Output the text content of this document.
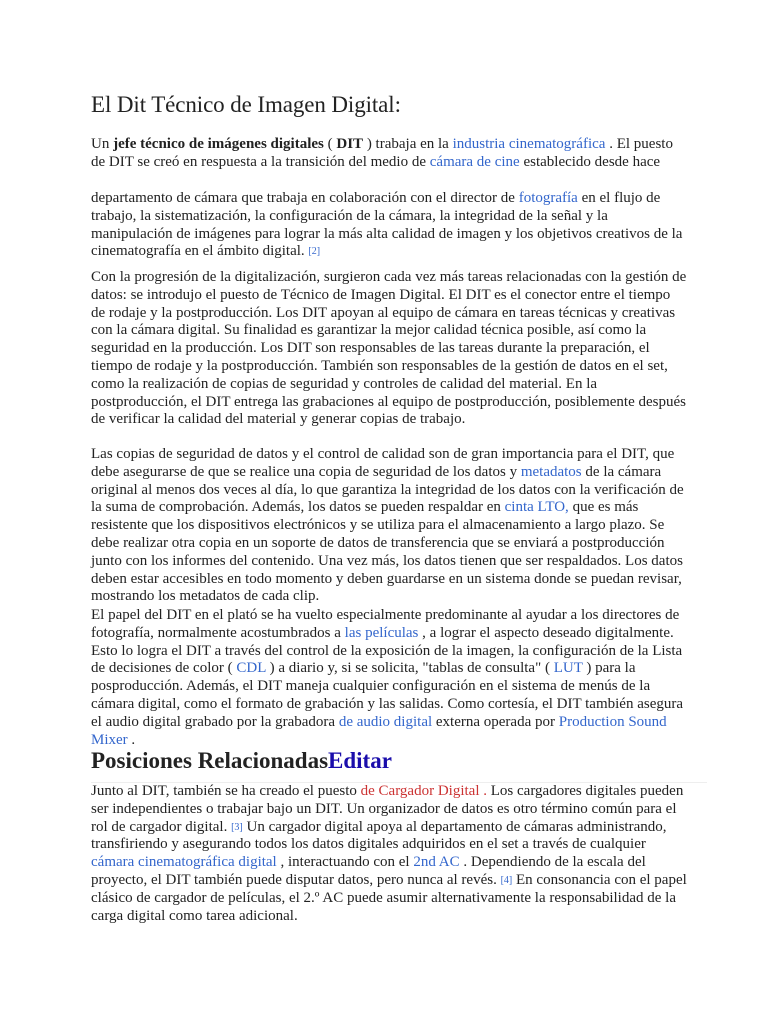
El Dit Técnico de Imagen Digital:

Un jefe técnico de imágenes digitales ( DIT ) trabaja en la industria cinematográfica . El puesto
de DIT se creó en respuesta a la transición del medio de cámara de cine establecido desde hace

departamento de cámara que trabaja en colaboración con el director de fotografía en el flujo de trabajo, la sistematización, la configuración de la cámara, la integridad de la señal y la manipulación de imágenes para lograr la más alta calidad de imagen y los objetivos creativos de la cinematografía en el ámbito digital. [2]

Con la progresión de la digitalización, surgieron cada vez más tareas relacionadas con la gestión de datos: se introdujo el puesto de Técnico de Imagen Digital. El DIT es el conector entre el tiempo de rodaje y la postproducción. Los DIT apoyan al equipo de cámara en tareas técnicas y creativas con la cámara digital. Su finalidad es garantizar la mejor calidad técnica posible, así como la seguridad en la producción. Los DIT son responsables de las tareas durante la preparación, el tiempo de rodaje y la postproducción. También son responsables de la gestión de datos en el set, como la realización de copias de seguridad y controles de calidad del material. En la postproducción, el DIT entrega las grabaciones al equipo de postproducción, posiblemente después de verificar la calidad del material y generar copias de trabajo.

Las copias de seguridad de datos y el control de calidad son de gran importancia para el DIT, que debe asegurarse de que se realice una copia de seguridad de los datos y metadatos de la cámara original al menos dos veces al día, lo que garantiza la integridad de los datos con la verificación de la suma de comprobación. Además, los datos se pueden respaldar en cinta LTO, que es más resistente que los dispositivos electrónicos y se utiliza para el almacenamiento a largo plazo. Se debe realizar otra copia en un soporte de datos de transferencia que se enviará a postproducción junto con los informes del contenido. Una vez más, los datos tienen que ser respaldados. Los datos deben estar accesibles en todo momento y deben guardarse en un sistema donde se puedan revisar, mostrando los metadatos de cada clip.

El papel del DIT en el plató se ha vuelto especialmente predominante al ayudar a los directores de fotografía, normalmente acostumbrados a las películas , a lograr el aspecto deseado digitalmente. Esto lo logra el DIT a través del control de la exposición de la imagen, la configuración de la Lista de decisiones de color ( CDL ) a diario y, si se solicita, "tablas de consulta" ( LUT ) para la posproducción. Además, el DIT maneja cualquier configuración en el sistema de menús de la cámara digital, como el formato de grabación y las salidas. Como cortesía, el DIT también asegura el audio digital grabado por la grabadora de audio digital externa operada por Production Sound Mixer .

Posiciones RelacionadasEditar

Junto al DIT, también se ha creado el puesto de Cargador Digital . Los cargadores digitales pueden ser independientes o trabajar bajo un DIT. Un organizador de datos es otro término común para el rol de cargador digital. [3] Un cargador digital apoya al departamento de cámaras administrando, transfiriendo y asegurando todos los datos digitales adquiridos en el set a través de cualquier cámara cinematográfica digital , interactuando con el 2nd AC . Dependiendo de la escala del proyecto, el DIT también puede disputar datos, pero nunca al revés. [4] En consonancia con el papel clásico de cargador de películas, el 2.º AC puede asumir alternativamente la responsabilidad de la carga digital como tarea adicional.
